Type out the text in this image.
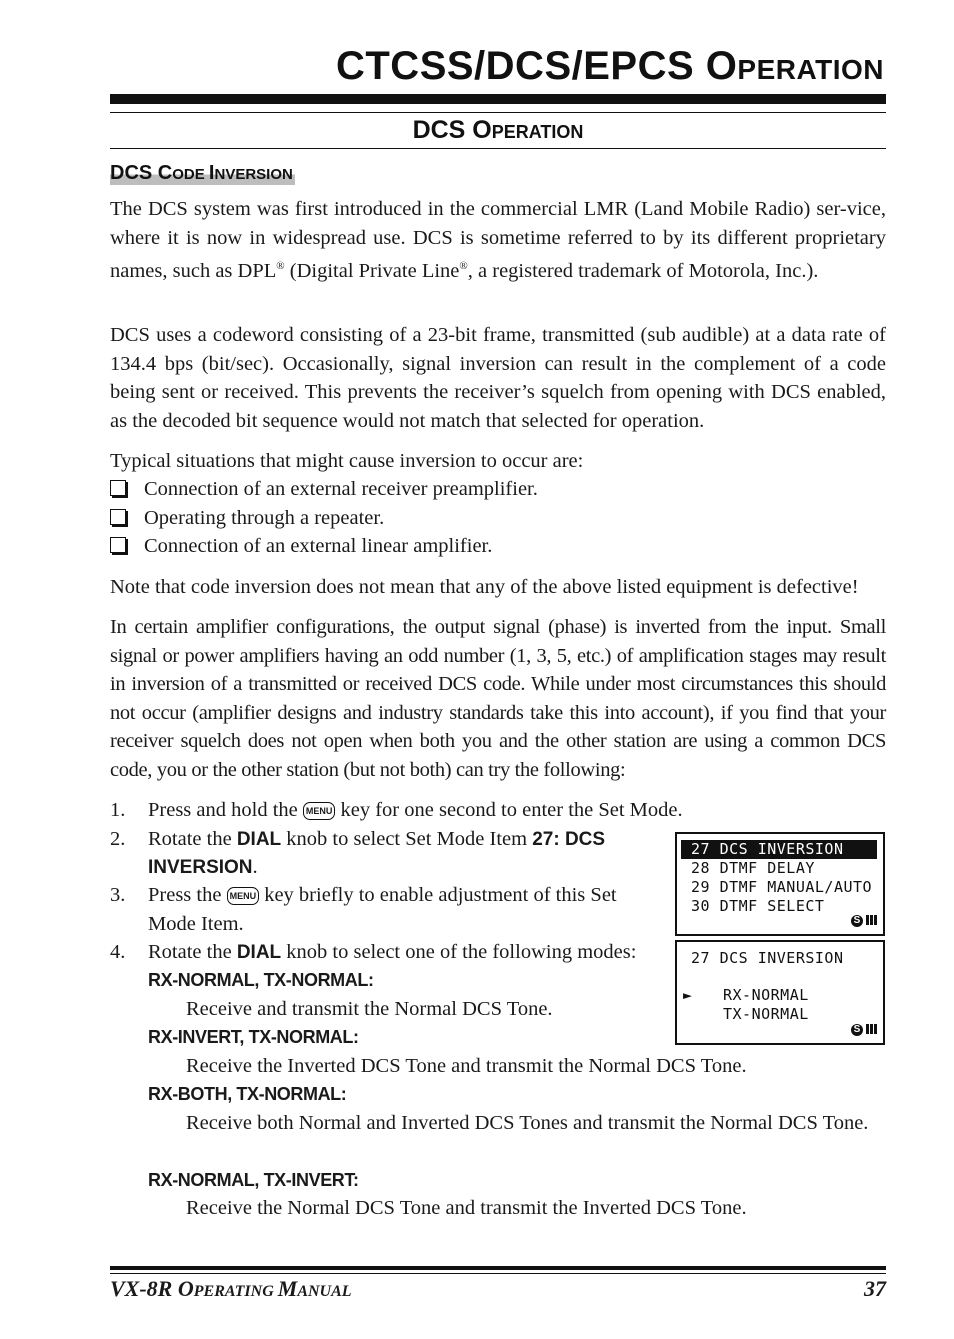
CTCSS/DCS/EPCS OPERATION
DCS OPERATION
DCS CODE INVERSION

The DCS system was first introduced in the commercial LMR (Land Mobile Radio) ser-vice, where it is now in widespread use. DCS is sometime referred to by its different proprietary names, such as DPL® (Digital Private Line®, a registered trademark of Motorola, Inc.).

DCS uses a codeword consisting of a 23-bit frame, transmitted (sub audible) at a data rate of 134.4 bps (bit/sec). Occasionally, signal inversion can result in the complement of a code being sent or received. This prevents the receiver’s squelch from opening with DCS enabled, as the decoded bit sequence would not match that selected for operation.

Typical situations that might cause inversion to occur are:

Connection of an external receiver preamplifier.
Operating through a repeater.
Connection of an external linear amplifier.

Note that code inversion does not mean that any of the above listed equipment is defective!

In certain amplifier configurations, the output signal (phase) is inverted from the input. Small signal or power amplifiers having an odd number (1, 3, 5, etc.) of amplification stages may result in inversion of a transmitted or received DCS code. While under most circumstances this should not occur (amplifier designs and industry standards take this into account), if you find that your receiver squelch does not open when both you and the other station are using a common DCS code, you or the other station (but not both) can try the following:

1. Press and hold the MENU key for one second to enter the Set Mode.
2. Rotate the DIAL knob to select Set Mode Item 27: DCS
INVERSION.
3. Press the MENU key briefly to enable adjustment of this Set
Mode Item.
4. Rotate the DIAL knob to select one of the following modes:
RX-NORMAL, TX-NORMAL:
Receive and transmit the Normal DCS Tone.
RX-INVERT, TX-NORMAL:
Receive the Inverted DCS Tone and transmit the Normal DCS Tone.
RX-BOTH, TX-NORMAL:
Receive both Normal and Inverted DCS Tones and transmit the Normal DCS Tone.
RX-NORMAL, TX-INVERT:
Receive the Normal DCS Tone and transmit the Inverted DCS Tone.
27 DCS INVERSION
28 DTMF DELAY
29 DTMF MANUAL/AUTO
30 DTMF SELECT
S
27 DCS INVERSION
► RX-NORMAL
TX-NORMAL
S
VX-8R OPERATING MANUAL	37
